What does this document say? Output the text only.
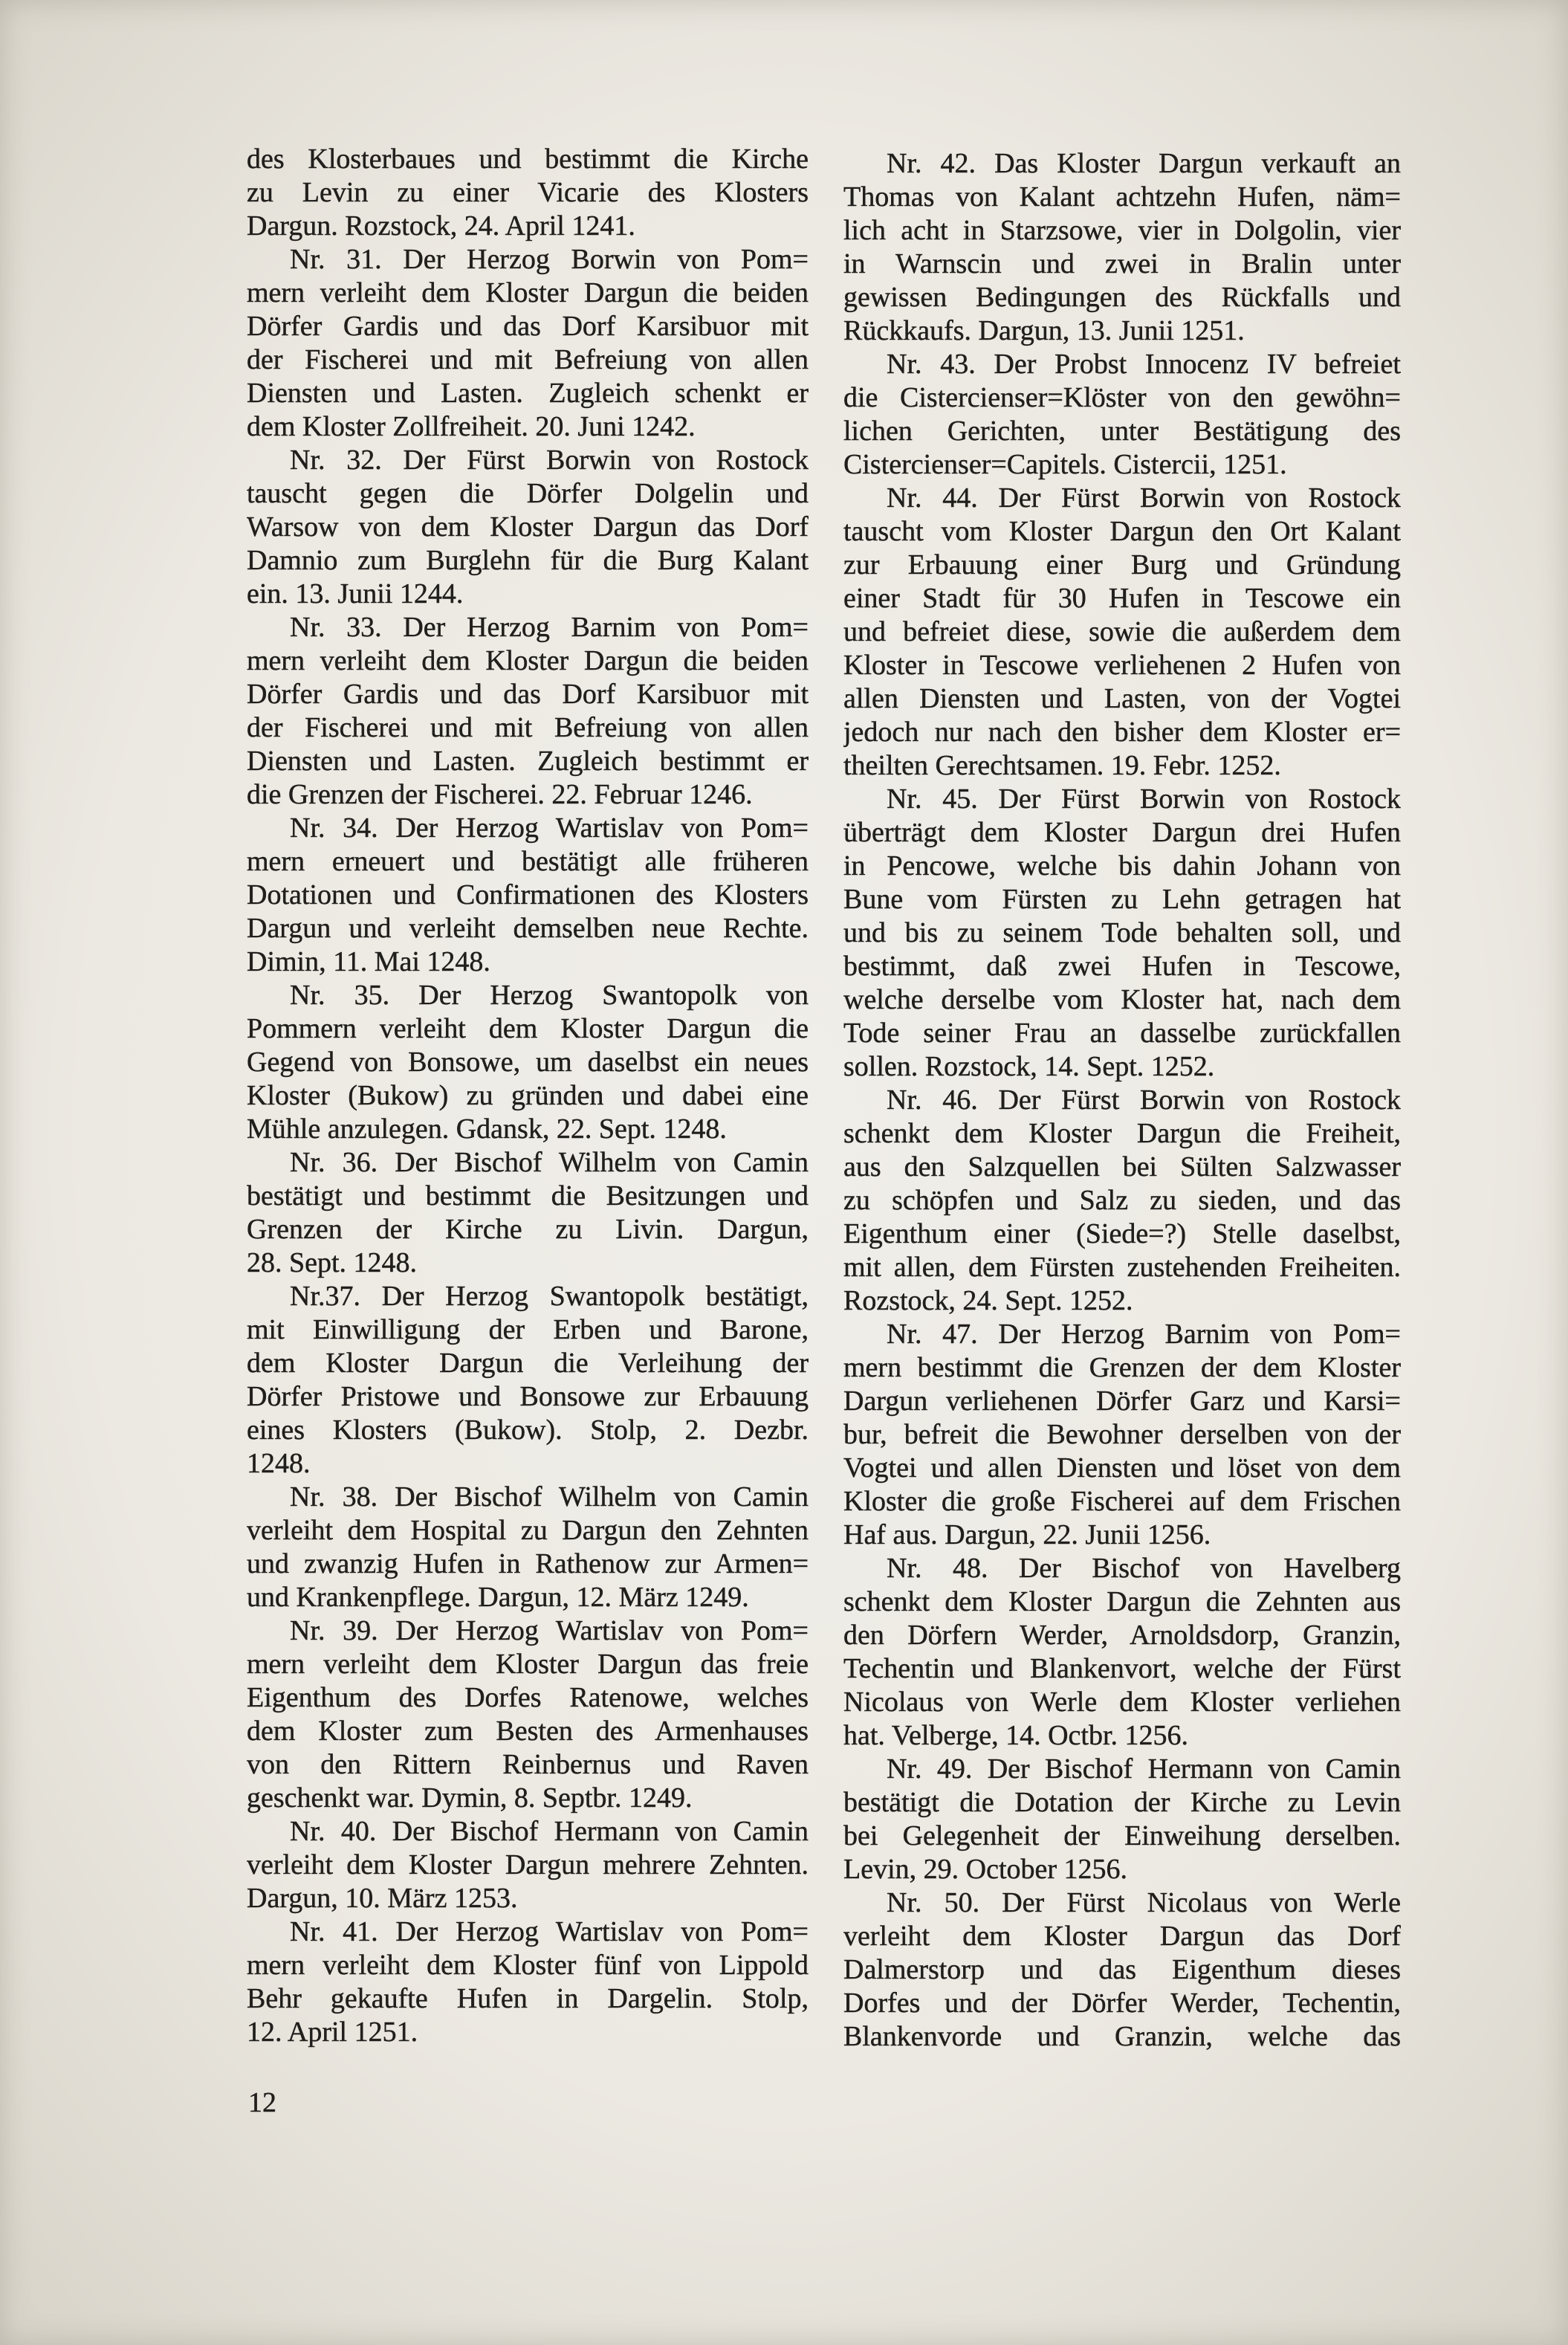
des Klosterbaues und bestimmt die Kirche
zu Levin zu einer Vicarie des Klosters
Dargun. Rozstock, 24. April 1241.
Nr. 31. Der Herzog Borwin von Pom=
mern verleiht dem Kloster Dargun die beiden
Dörfer Gardis und das Dorf Karsibuor mit
der Fischerei und mit Befreiung von allen
Diensten und Lasten. Zugleich schenkt er
dem Kloster Zollfreiheit. 20. Juni 1242.
Nr. 32. Der Fürst Borwin von Rostock
tauscht gegen die Dörfer Dolgelin und
Warsow von dem Kloster Dargun das Dorf
Damnio zum Burglehn für die Burg Kalant
ein. 13. Junii 1244.
Nr. 33. Der Herzog Barnim von Pom=
mern verleiht dem Kloster Dargun die beiden
Dörfer Gardis und das Dorf Karsibuor mit
der Fischerei und mit Befreiung von allen
Diensten und Lasten. Zugleich bestimmt er
die Grenzen der Fischerei. 22. Februar 1246.
Nr. 34. Der Herzog Wartislav von Pom=
mern erneuert und bestätigt alle früheren
Dotationen und Confirmationen des Klosters
Dargun und verleiht demselben neue Rechte.
Dimin, 11. Mai 1248.
Nr. 35. Der Herzog Swantopolk von
Pommern verleiht dem Kloster Dargun die
Gegend von Bonsowe, um daselbst ein neues
Kloster (Bukow) zu gründen und dabei eine
Mühle anzulegen. Gdansk, 22. Sept. 1248.
Nr. 36. Der Bischof Wilhelm von Camin
bestätigt und bestimmt die Besitzungen und
Grenzen der Kirche zu Livin. Dargun,
28. Sept. 1248.
Nr.37. Der Herzog Swantopolk bestätigt,
mit Einwilligung der Erben und Barone,
dem Kloster Dargun die Verleihung der
Dörfer Pristowe und Bonsowe zur Erbauung
eines Klosters (Bukow). Stolp, 2. Dezbr.
1248.
Nr. 38. Der Bischof Wilhelm von Camin
verleiht dem Hospital zu Dargun den Zehnten
und zwanzig Hufen in Rathenow zur Armen=
und Krankenpflege. Dargun, 12. März 1249.
Nr. 39. Der Herzog Wartislav von Pom=
mern verleiht dem Kloster Dargun das freie
Eigenthum des Dorfes Ratenowe, welches
dem Kloster zum Besten des Armenhauses
von den Rittern Reinbernus und Raven
geschenkt war. Dymin, 8. Septbr. 1249.
Nr. 40. Der Bischof Hermann von Camin
verleiht dem Kloster Dargun mehrere Zehnten.
Dargun, 10. März 1253.
Nr. 41. Der Herzog Wartislav von Pom=
mern verleiht dem Kloster fünf von Lippold
Behr gekaufte Hufen in Dargelin. Stolp,
12. April 1251.
Nr. 42. Das Kloster Dargun verkauft an
Thomas von Kalant achtzehn Hufen, näm=
lich acht in Starzsowe, vier in Dolgolin, vier
in Warnscin und zwei in Bralin unter
gewissen Bedingungen des Rückfalls und
Rückkaufs. Dargun, 13. Junii 1251.
Nr. 43. Der Probst Innocenz IV befreiet
die Cistercienser=Klöster von den gewöhn=
lichen Gerichten, unter Bestätigung des
Cistercienser=Capitels. Cistercii, 1251.
Nr. 44. Der Fürst Borwin von Rostock
tauscht vom Kloster Dargun den Ort Kalant
zur Erbauung einer Burg und Gründung
einer Stadt für 30 Hufen in Tescowe ein
und befreiet diese, sowie die außerdem dem
Kloster in Tescowe verliehenen 2 Hufen von
allen Diensten und Lasten, von der Vogtei
jedoch nur nach den bisher dem Kloster er=
theilten Gerechtsamen. 19. Febr. 1252.
Nr. 45. Der Fürst Borwin von Rostock
überträgt dem Kloster Dargun drei Hufen
in Pencowe, welche bis dahin Johann von
Bune vom Fürsten zu Lehn getragen hat
und bis zu seinem Tode behalten soll, und
bestimmt, daß zwei Hufen in Tescowe,
welche derselbe vom Kloster hat, nach dem
Tode seiner Frau an dasselbe zurückfallen
sollen. Rozstock, 14. Sept. 1252.
Nr. 46. Der Fürst Borwin von Rostock
schenkt dem Kloster Dargun die Freiheit,
aus den Salzquellen bei Sülten Salzwasser
zu schöpfen und Salz zu sieden, und das
Eigenthum einer (Siede=?) Stelle daselbst,
mit allen, dem Fürsten zustehenden Freiheiten.
Rozstock, 24. Sept. 1252.
Nr. 47. Der Herzog Barnim von Pom=
mern bestimmt die Grenzen der dem Kloster
Dargun verliehenen Dörfer Garz und Karsi=
bur, befreit die Bewohner derselben von der
Vogtei und allen Diensten und löset von dem
Kloster die große Fischerei auf dem Frischen
Haf aus. Dargun, 22. Junii 1256.
Nr. 48. Der Bischof von Havelberg
schenkt dem Kloster Dargun die Zehnten aus
den Dörfern Werder, Arnoldsdorp, Granzin,
Techentin und Blankenvort, welche der Fürst
Nicolaus von Werle dem Kloster verliehen
hat. Velberge, 14. Octbr. 1256.
Nr. 49. Der Bischof Hermann von Camin
bestätigt die Dotation der Kirche zu Levin
bei Gelegenheit der Einweihung derselben.
Levin, 29. October 1256.
Nr. 50. Der Fürst Nicolaus von Werle
verleiht dem Kloster Dargun das Dorf
Dalmerstorp und das Eigenthum dieses
Dorfes und der Dörfer Werder, Techentin,
Blankenvorde und Granzin, welche das
12
